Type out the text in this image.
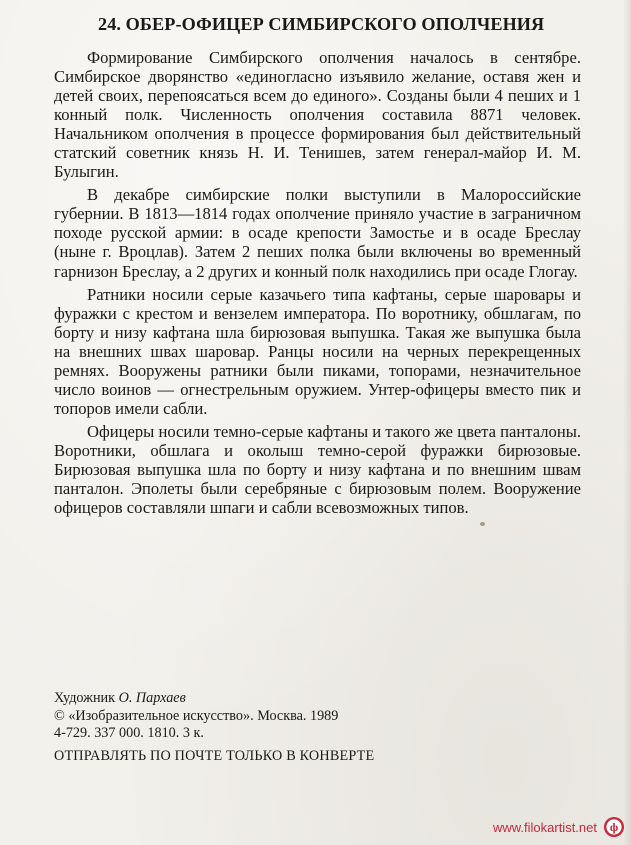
24. ОБЕР-ОФИЦЕР СИМБИРСКОГО ОПОЛЧЕНИЯ

Формирование Симбирского ополчения началось в сентябре. Симбирское дворянство «единогласно изъявило желание, оставя жен и детей своих, перепоясаться всем до единого». Созданы были 4 пеших и 1 конный полк. Численность ополчения составила 8871 человек. Начальником ополчения в процессе формирования был действительный статский советник князь Н. И. Тенишев, затем генерал-майор И. М. Булыгин.

В декабре симбирские полки выступили в Малороссийские губернии. В 1813—1814 годах ополчение приняло участие в заграничном походе русской армии: в осаде крепости Замостье и в осаде Бреслау (ныне г. Вроцлав). Затем 2 пеших полка были включены во временный гарнизон Бреслау, а 2 других и конный полк находились при осаде Глогау.

Ратники носили серые казачьего типа кафтаны, серые шаровары и фуражки с крестом и вензелем императора. По воротнику, обшлагам, по борту и низу кафтана шла бирюзовая выпушка. Такая же выпушка была на внешних швах шаровар. Ранцы носили на черных перекрещенных ремнях. Вооружены ратники были пиками, топорами, незначительное число воинов — огнестрельным оружием. Унтер-офицеры вместо пик и топоров имели сабли.

Офицеры носили темно-серые кафтаны и такого же цвета панталоны. Воротники, обшлага и околыш темно-серой фуражки бирюзовые. Бирюзовая выпушка шла по борту и низу кафтана и по внешним швам панталон. Эполеты были серебряные с бирюзовым полем. Вооружение офицеров составляли шпаги и сабли всевозможных типов.

Художник О. Пархаев
© «Изобразительное искусство». Москва. 1989
4-729. 337 000. 1810. 3 к.
ОТПРАВЛЯТЬ ПО ПОЧТЕ ТОЛЬКО В КОНВЕРТЕ
www.filokartist.net ф
